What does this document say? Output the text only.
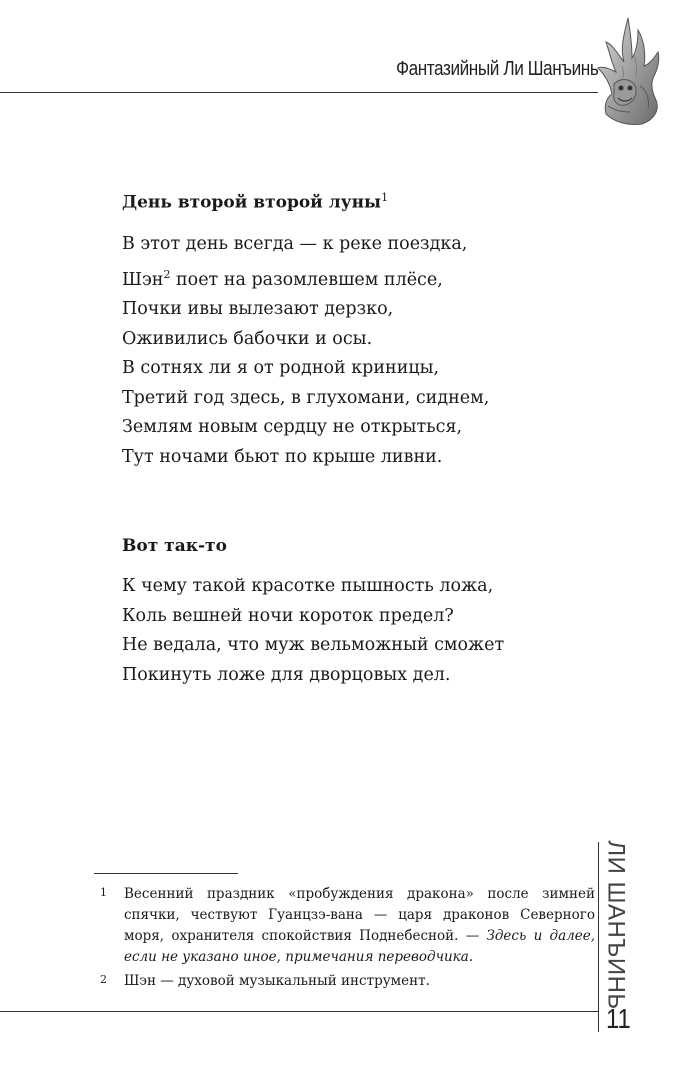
Фантазийный Ли Шанъинь
День второй второй луны$^1$
В этот день всегда — к реке поездка,
Шэн$^2$ поет на разомлевшем плёсе,
Почки ивы вылезают дерзко,
Оживились бабочки и осы.
В сотнях ли я от родной криницы,
Третий год здесь, в глухомани, сиднем,
Землям новым сердцу не открыться,
Тут ночами бьют по крыше ливни.
Вот так-то
К чему такой красотке пышность ложа,
Коль вешней ночи короток предел?
Не ведала, что муж вельможный сможет
Покинуть ложе для дворцовых дел.
1 Весенний праздник «пробуждения дракона» после зимней спячки, чествуют Гуанцзэ-вана — царя драконов Северного моря, охранителя спокойствия Поднебесной. — Здесь и далее, если не указано иное, примечания переводчика.
2 Шэн — духовой музыкальный инструмент.	ЛИ ШАНЪИНЬ
11
